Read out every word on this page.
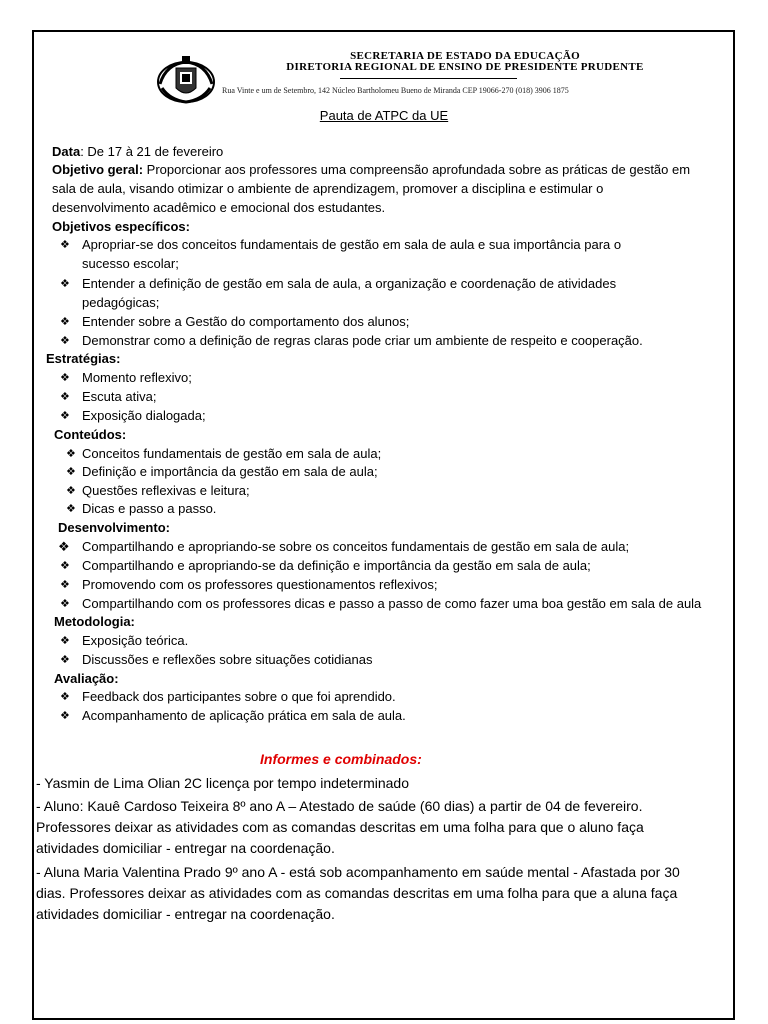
SECRETARIA DE ESTADO DA EDUCAÇÃO
DIRETORIA REGIONAL DE ENSINO DE PRESIDENTE PRUDENTE
Rua Vinte e um de Setembro, 142 Núcleo Bartholomeu Bueno de Miranda CEP 19066-270 (018) 3906 1875
Pauta de ATPC da UE
Data: De 17 à 21 de fevereiro
Objetivo geral: Proporcionar aos professores uma compreensão aprofundada sobre as práticas de gestão em
sala de aula, visando otimizar o ambiente de aprendizagem, promover a disciplina e estimular o
desenvolvimento acadêmico e emocional dos estudantes.
Objetivos específicos:
❖ Apropriar-se dos conceitos fundamentais de gestão em sala de aula e sua importância para o
sucesso escolar;
❖ Entender a definição de gestão em sala de aula, a organização e coordenação de atividades
pedagógicas;
❖ Entender sobre a Gestão do comportamento dos alunos;
❖ Demonstrar como a definição de regras claras pode criar um ambiente de respeito e cooperação.
Estratégias:
❖ Momento reflexivo;
❖ Escuta ativa;
❖ Exposição dialogada;
Conteúdos:
❖ Conceitos fundamentais de gestão em sala de aula;
❖ Definição e importância da gestão em sala de aula;
❖ Questões reflexivas e leitura;
❖ Dicas e passo a passo.
Desenvolvimento:
❖ Compartilhando e apropriando-se sobre os conceitos fundamentais de gestão em sala de aula;
❖ Compartilhando e apropriando-se da definição e importância da gestão em sala de aula;
❖ Promovendo com os professores questionamentos reflexivos;
❖ Compartilhando com os professores dicas e passo a passo de como fazer uma boa gestão em sala de aula
Metodologia:
❖ Exposição teórica.
❖ Discussões e reflexões sobre situações cotidianas
Avaliação:
❖ Feedback dos participantes sobre o que foi aprendido.
❖ Acompanhamento de aplicação prática em sala de aula.
Informes e combinados:
- Yasmin de Lima Olian 2C licença por tempo indeterminado
- Aluno: Kauê Cardoso Teixeira 8º ano A – Atestado de saúde (60 dias) a partir de 04 de fevereiro.
Professores deixar as atividades com as comandas descritas em uma folha para que o aluno faça
atividades domiciliar - entregar na coordenação.
- Aluna Maria Valentina Prado 9º ano A - está sob acompanhamento em saúde mental - Afastada por 30
dias. Professores deixar as atividades com as comandas descritas em uma folha para que a aluna faça
atividades domiciliar - entregar na coordenação.
